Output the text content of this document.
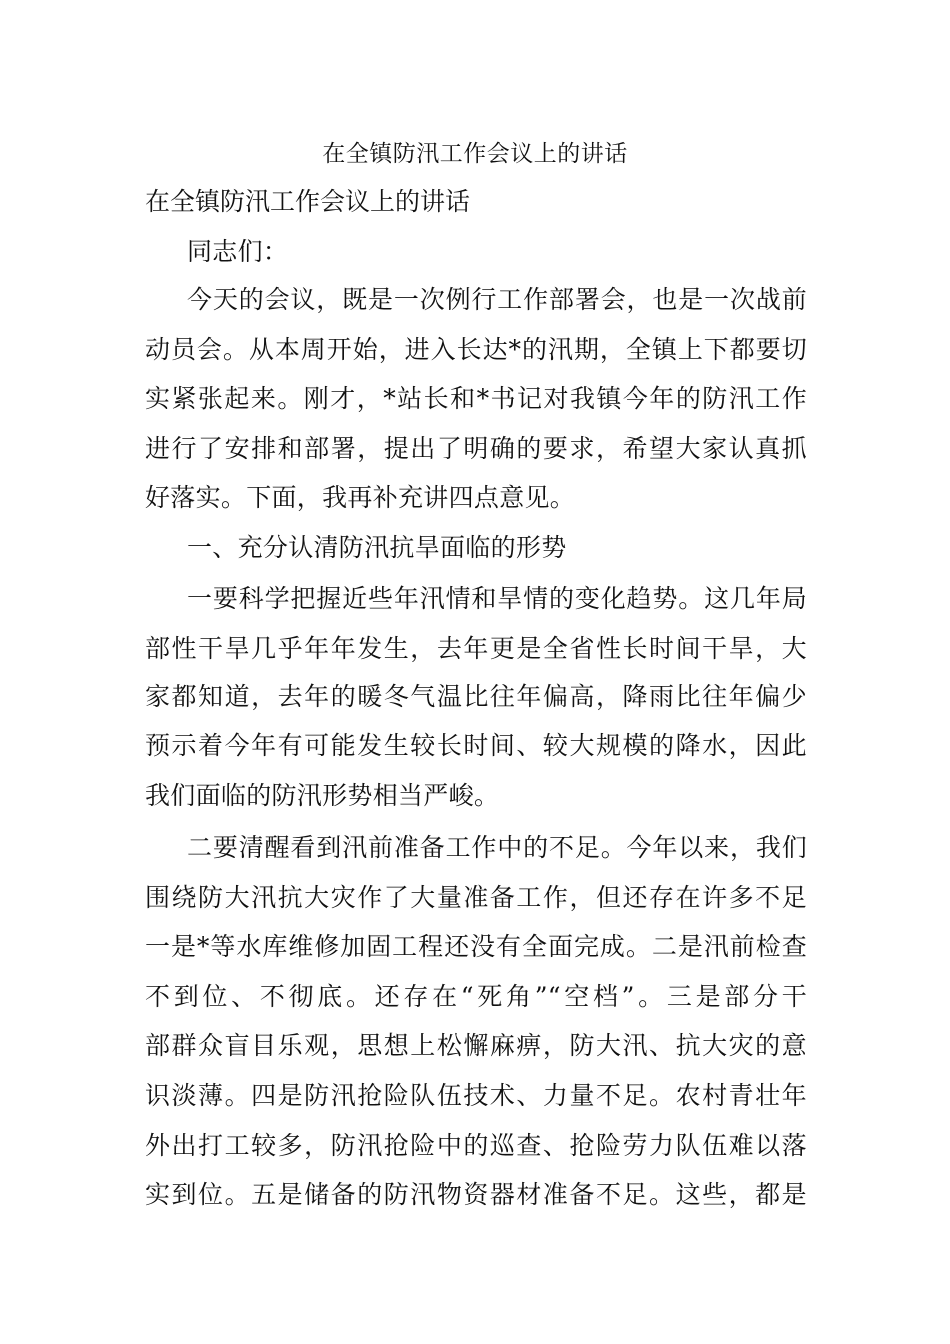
在全镇防汛工作会议上的讲话
在全镇防汛工作会议上的讲话
同志们：
今天的会议，既是一次例行工作部署会，也是一次战前
动员会。从本周开始，进入长达*的汛期，全镇上下都要切
实紧张起来。刚才，*站长和*书记对我镇今年的防汛工作
进行了安排和部署，提出了明确的要求，希望大家认真抓
好落实。下面，我再补充讲四点意见。
一、充分认清防汛抗旱面临的形势
一要科学把握近些年汛情和旱情的变化趋势。这几年局
部性干旱几乎年年发生，去年更是全省性长时间干旱，大
家都知道，去年的暖冬气温比往年偏高，降雨比往年偏少
预示着今年有可能发生较长时间、较大规模的降水，因此
我们面临的防汛形势相当严峻。
二要清醒看到汛前准备工作中的不足。今年以来，我们
围绕防大汛抗大灾作了大量准备工作，但还存在许多不足
一是*等水库维修加固工程还没有全面完成。二是汛前检查
不到位、不彻底。还存在“死角”“空档”。三是部分干
部群众盲目乐观，思想上松懈麻痹，防大汛、抗大灾的意
识淡薄。四是防汛抢险队伍技术、力量不足。农村青壮年
外出打工较多，防汛抢险中的巡查、抢险劳力队伍难以落
实到位。五是储备的防汛物资器材准备不足。这些，都是
